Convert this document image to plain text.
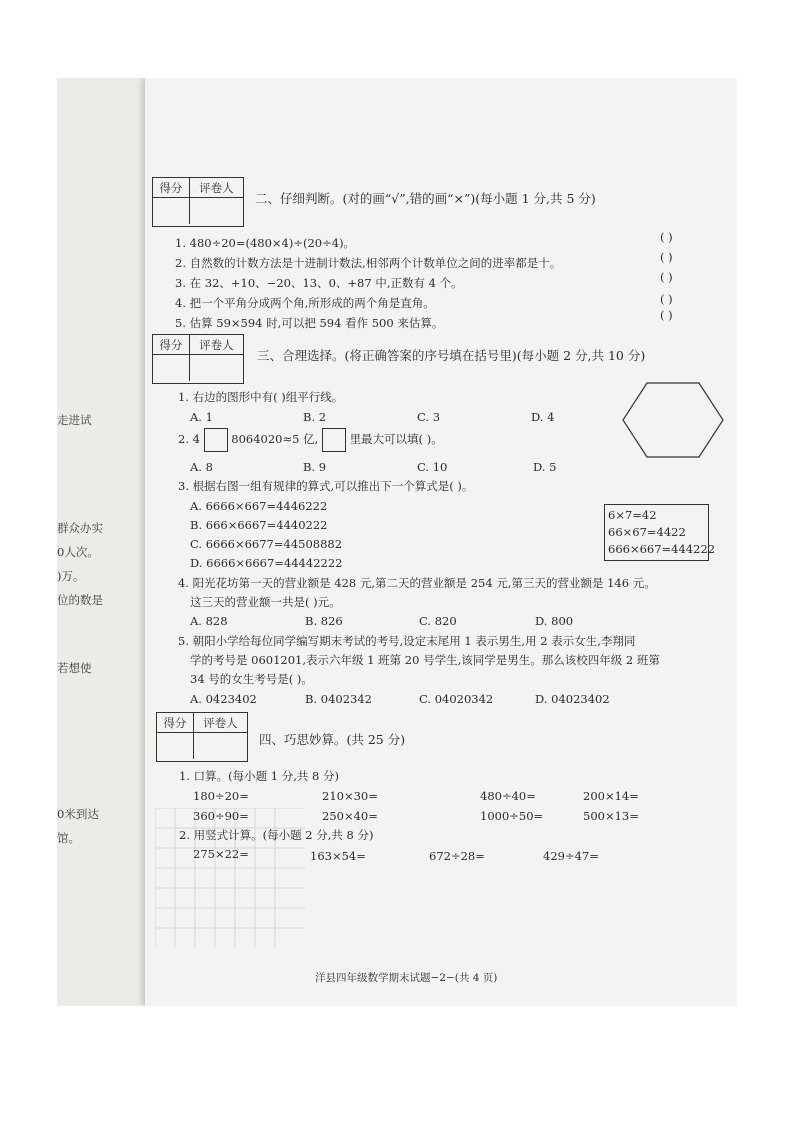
走进试
群众办实
0人次。
)万。
位的数是
若想使
0米到达
馆。
得分	评卷人
二、仔细判断。(对的画“√”,错的画“×”)(每小题 1 分,共 5 分)
1. 480÷20=(480×4)÷(20÷4)。
2. 自然数的计数方法是十进制计数法,相邻两个计数单位之间的进率都是十。
3. 在 32、+10、−20、13、0、+87 中,正数有 4 个。
4. 把一个平角分成两个角,所形成的两个角是直角。
5. 估算 59×594 时,可以把 594 看作 500 来估算。
( )
( )
( )
( )
( )
得分	评卷人
三、合理选择。(将正确答案的序号填在括号里)(每小题 2 分,共 10 分)
1. 右边的图形中有( )组平行线。
A. 1	B. 2	C. 3	D. 4
2. 4	8064020≈5 亿,	里最大可以填( )。
A. 8	B. 9	C. 10	D. 5
3. 根据右图一组有规律的算式,可以推出下一个算式是( )。
A. 6666×667=4446222
B. 666×6667=4440222
C. 6666×6677=44508882
D. 6666×6667=44442222
6×7=42
66×67=4422
666×667=444222
4. 阳光花坊第一天的营业额是 428 元,第二天的营业额是 254 元,第三天的营业额是 146 元。
这三天的营业额一共是( )元。
A. 828	B. 826	C. 820	D. 800
5. 朝阳小学给每位同学编写期末考试的考号,设定末尾用 1 表示男生,用 2 表示女生,李翔同
学的考号是 0601201,表示六年级 1 班第 20 号学生,该同学是男生。那么该校四年级 2 班第
34 号的女生考号是( )。
A. 0423402	B. 0402342	C. 04020342	D. 04023402
得分	评卷人
四、巧思妙算。(共 25 分)
1. 口算。(每小题 1 分,共 8 分)
180÷20=	210×30=	480÷40=	200×14=
360÷90=	250×40=	1000÷50=	500×13=
2. 用竖式计算。(每小题 2 分,共 8 分)
275×22=	163×54=	672÷28=	429÷47=
洋县四年级数学期末试题−2−(共 4 页)
